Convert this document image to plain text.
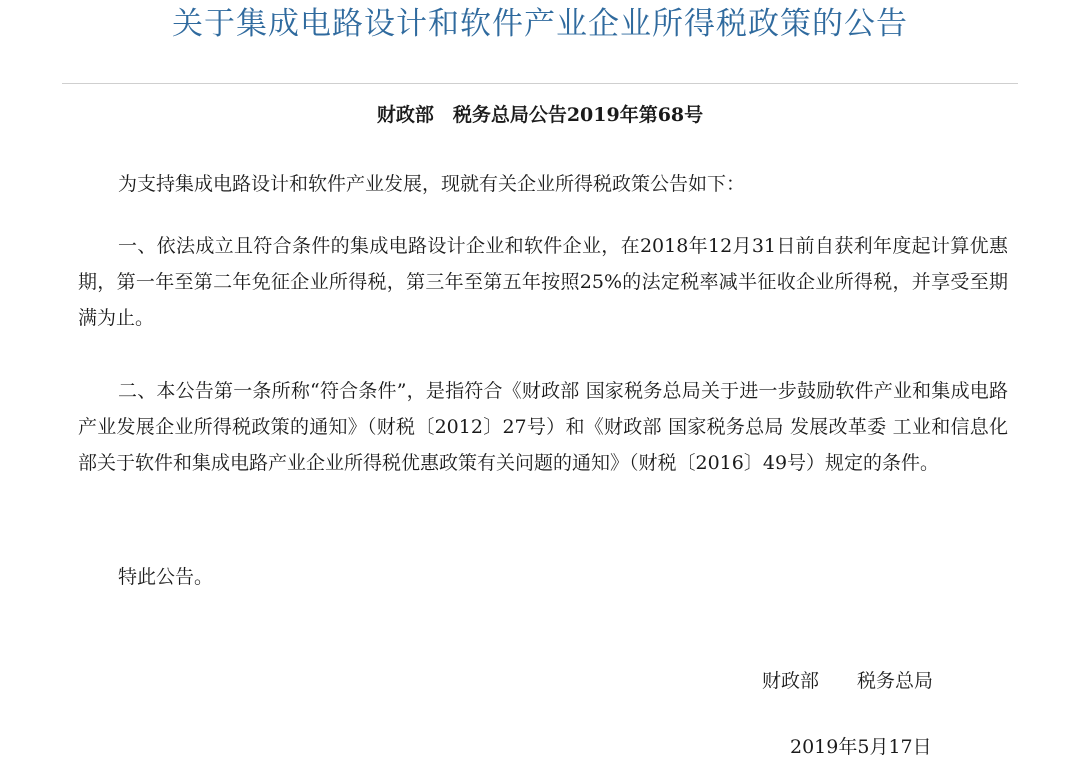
关于集成电路设计和软件产业企业所得税政策的公告
财政部　税务总局公告2019年第68号

为支持集成电路设计和软件产业发展，现就有关企业所得税政策公告如下：

一、依法成立且符合条件的集成电路设计企业和软件企业，在2018年12月31日前自获利年度起计算优惠期，第一年至第二年免征企业所得税，第三年至第五年按照25%的法定税率减半征收企业所得税，并享受至期满为止。

二、本公告第一条所称“符合条件”，是指符合《财政部 国家税务总局关于进一步鼓励软件产业和集成电路产业发展企业所得税政策的通知》（财税〔2012〕27号）和《财政部 国家税务总局 发展改革委 工业和信息化部关于软件和集成电路产业企业所得税优惠政策有关问题的通知》（财税〔2016〕49号）规定的条件。

特此公告。

财政部　　税务总局
2019年5月17日
